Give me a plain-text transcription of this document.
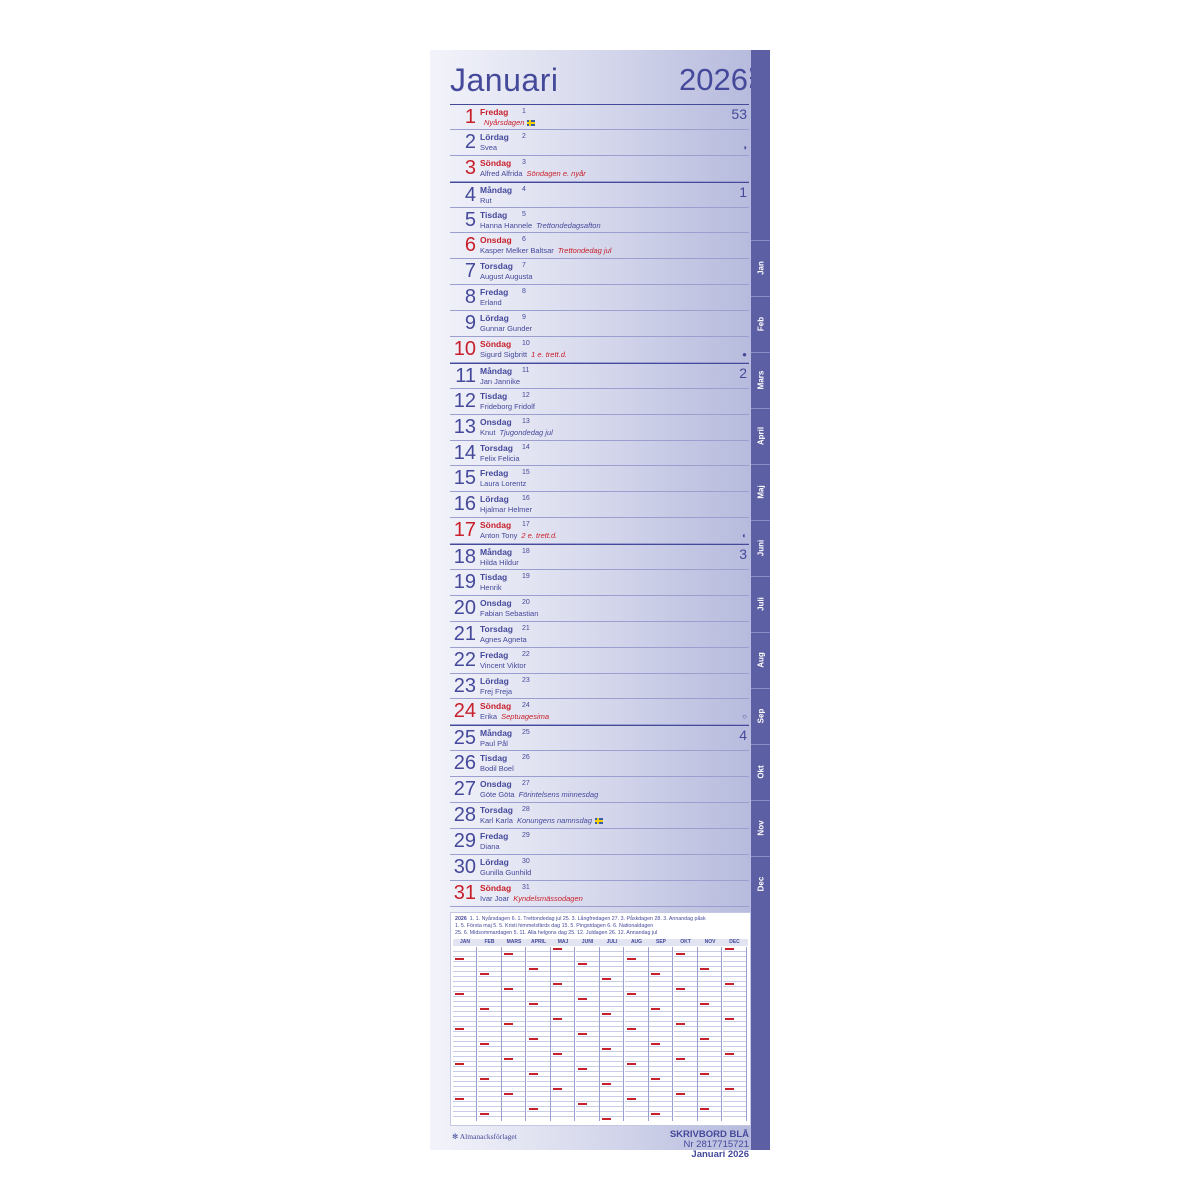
Januari	2026
Jan
Feb
Mars
April
Maj
Juni
Juli
Aug
Sep
Okt
Nov
Dec
1 Fredag 1
Nyårsdagen
53
2 Lördag 2
Svea	◑
3 Söndag 3
Alfred Alfrida Söndagen e. nyår
4 Måndag 4
Rut
1
5 Tisdag 5
Hanna Hannele Trettondedagsafton
6 Onsdag 6
Kasper Melker Baltsar Trettondedag jul
7 Torsdag 7
August Augusta
8 Fredag 8
Erland
9 Lördag 9
Gunnar Gunder
10 Söndag 10
Sigurd Sigbritt 1 e. trett.d.	●
11 Måndag 11
Jan Jannike
2
12 Tisdag 12
Frideborg Fridolf
13 Onsdag 13
Knut Tjugondedag jul
14 Torsdag 14
Felix Felicia
15 Fredag 15
Laura Lorentz
16 Lördag 16
Hjalmar Helmer
17 Söndag 17
Anton Tony 2 e. trett.d.	◐
18 Måndag 18
Hilda Hildur
3
19 Tisdag 19
Henrik
20 Onsdag 20
Fabian Sebastian
21 Torsdag 21
Agnes Agneta
22 Fredag 22
Vincent Viktor
23 Lördag 23
Frej Freja
24 Söndag 24
Erika Septuagesima	○
25 Måndag 25
Paul Pål
4
26 Tisdag 26
Bodil Boel
27 Onsdag 27
Göte Göta Förintelsens minnesdag
28 Torsdag 28
Karl Karla Konungens namnsdag
29 Fredag 29
Diana
30 Lördag 30
Gunilla Gunhild
31 Söndag 31
Ivar Joar Kyndelsmässodagen
2026 1. 1. Nyårsdagen 6. 1. Trettondedag jul 25. 3. Långfredagen 27. 3. Påskdagen 28. 3. Annandag påsk
1. 5. Första maj 5. 5. Kristi himmelsfärds dag 15. 5. Pingstdagen 6. 6. Nationaldagen
25. 6. Midsommardagen 5. 11. Alla helgons dag 25. 12. Juldagen 26. 12. Annandag jul
JAN	FEB	MARS	APRIL	MAJ	JUNI	JULI	AUG	SEP	OKT	NOV	DEC
✻ Almanacksförlaget	SKRIVBORD BLÅ
Nr 2817715721
Januari 2026
